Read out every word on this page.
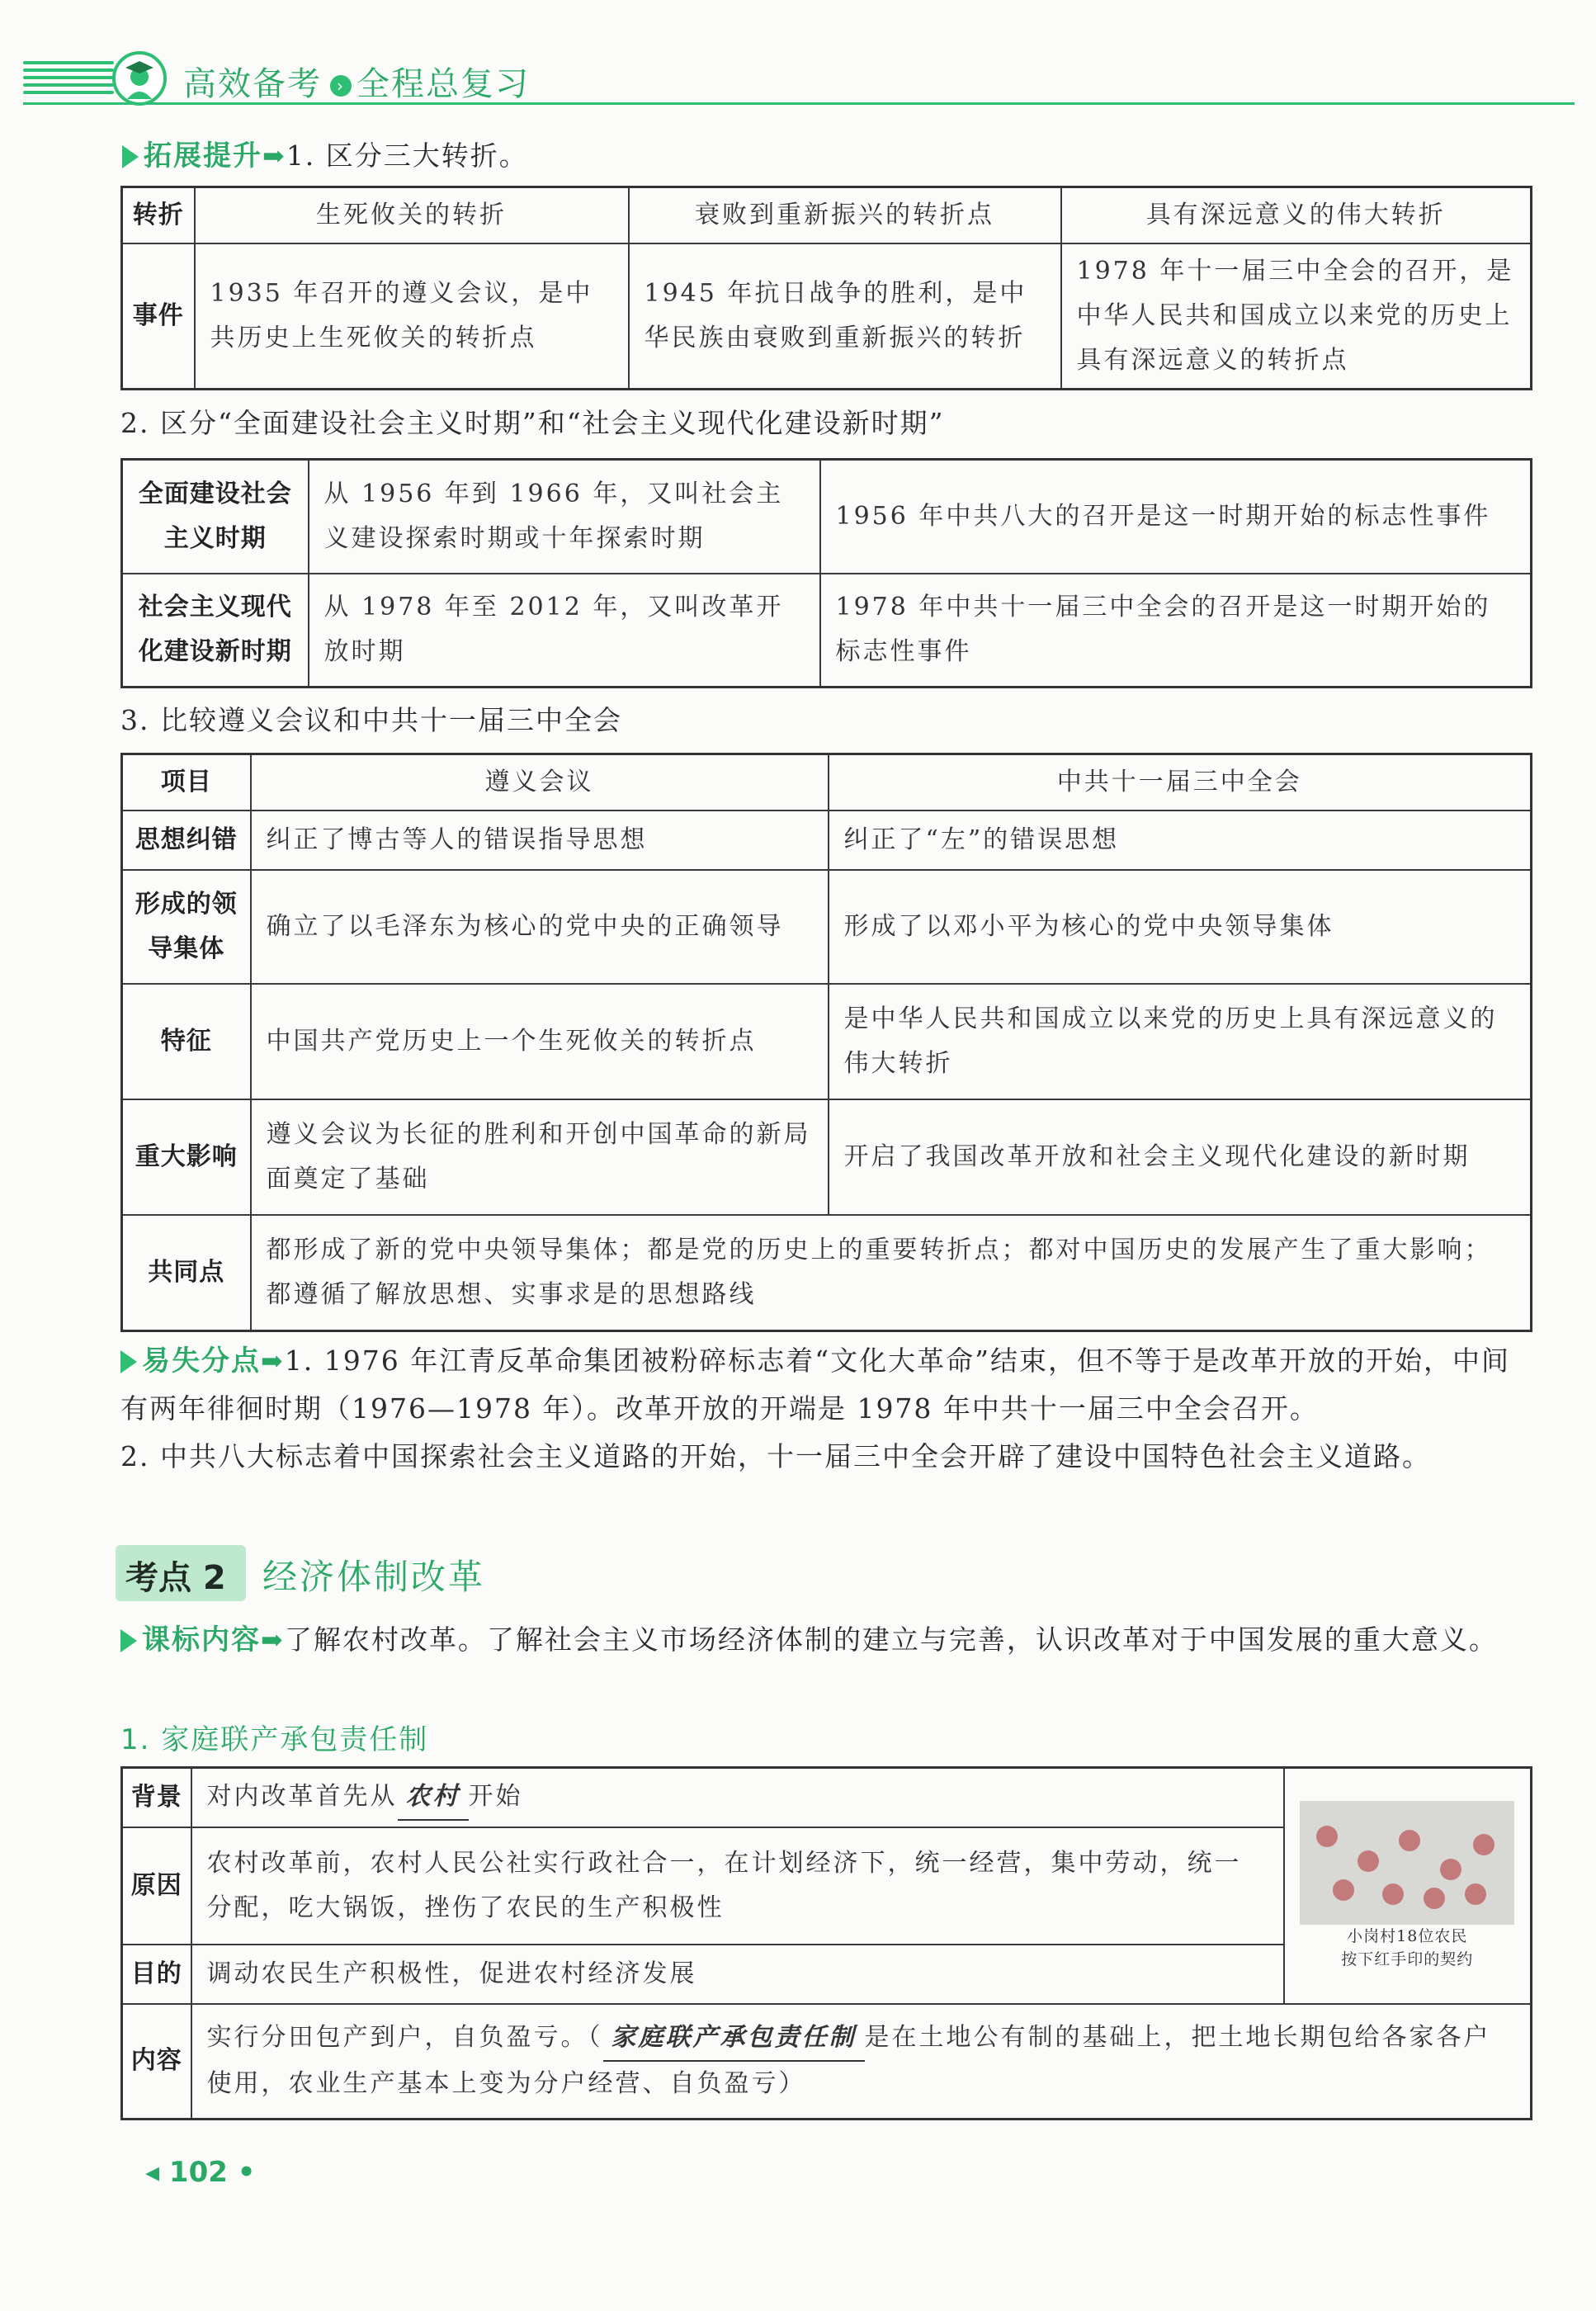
高效备考 › 全程总复习
拓展提升➡1. 区分三大转折。
转折	生死攸关的转折	衰败到重新振兴的转折点	具有深远意义的伟大转折
事件	1935 年召开的遵义会议，是中共历史上生死攸关的转折点	1945 年抗日战争的胜利，是中华民族由衰败到重新振兴的转折	1978 年十一届三中全会的召开，是中华人民共和国成立以来党的历史上具有深远意义的转折点
2. 区分“全面建设社会主义时期”和“社会主义现代化建设新时期”
全面建设社会主义时期	从 1956 年到 1966 年，又叫社会主义建设探索时期或十年探索时期	1956 年中共八大的召开是这一时期开始的标志性事件
社会主义现代化建设新时期	从 1978 年至 2012 年，又叫改革开放时期	1978 年中共十一届三中全会的召开是这一时期开始的标志性事件
3. 比较遵义会议和中共十一届三中全会
项目	遵义会议	中共十一届三中全会
思想纠错	纠正了博古等人的错误指导思想	纠正了“左”的错误思想
形成的领导集体	确立了以毛泽东为核心的党中央的正确领导	形成了以邓小平为核心的党中央领导集体
特征	中国共产党历史上一个生死攸关的转折点	是中华人民共和国成立以来党的历史上具有深远意义的伟大转折
重大影响	遵义会议为长征的胜利和开创中国革命的新局面奠定了基础	开启了我国改革开放和社会主义现代化建设的新时期
共同点	都形成了新的党中央领导集体；都是党的历史上的重要转折点；都对中国历史的发展产生了重大影响；都遵循了解放思想、实事求是的思想路线	
易失分点➡1. 1976 年江青反革命集团被粉碎标志着“文化大革命”结束，但不等于是改革开放的开始，中间有两年徘徊时期（1976—1978 年）。改革开放的开端是 1978 年中共十一届三中全会召开。
2. 中共八大标志着中国探索社会主义道路的开始，十一届三中全会开辟了建设中国特色社会主义道路。
考点 2 经济体制改革
课标内容➡了解农村改革。了解社会主义市场经济体制的建立与完善，认识改革对于中国发展的重大意义。
1. 家庭联产承包责任制
背景	对内改革首先从 农村 开始	小岗村18位农民
按下红手印的契约

原因	农村改革前，农村人民公社实行政社合一，在计划经济下，统一经营，集中劳动，统一分配，吃大锅饭，挫伤了农民的生产积极性	
目的	调动农民生产积极性，促进农村经济发展	
内容	实行分田包产到户，自负盈亏。（ 家庭联产承包责任制 是在土地公有制的基础上，把土地长期包给各家各户使用，农业生产基本上变为分户经营、自负盈亏）	
◂ 102 •
